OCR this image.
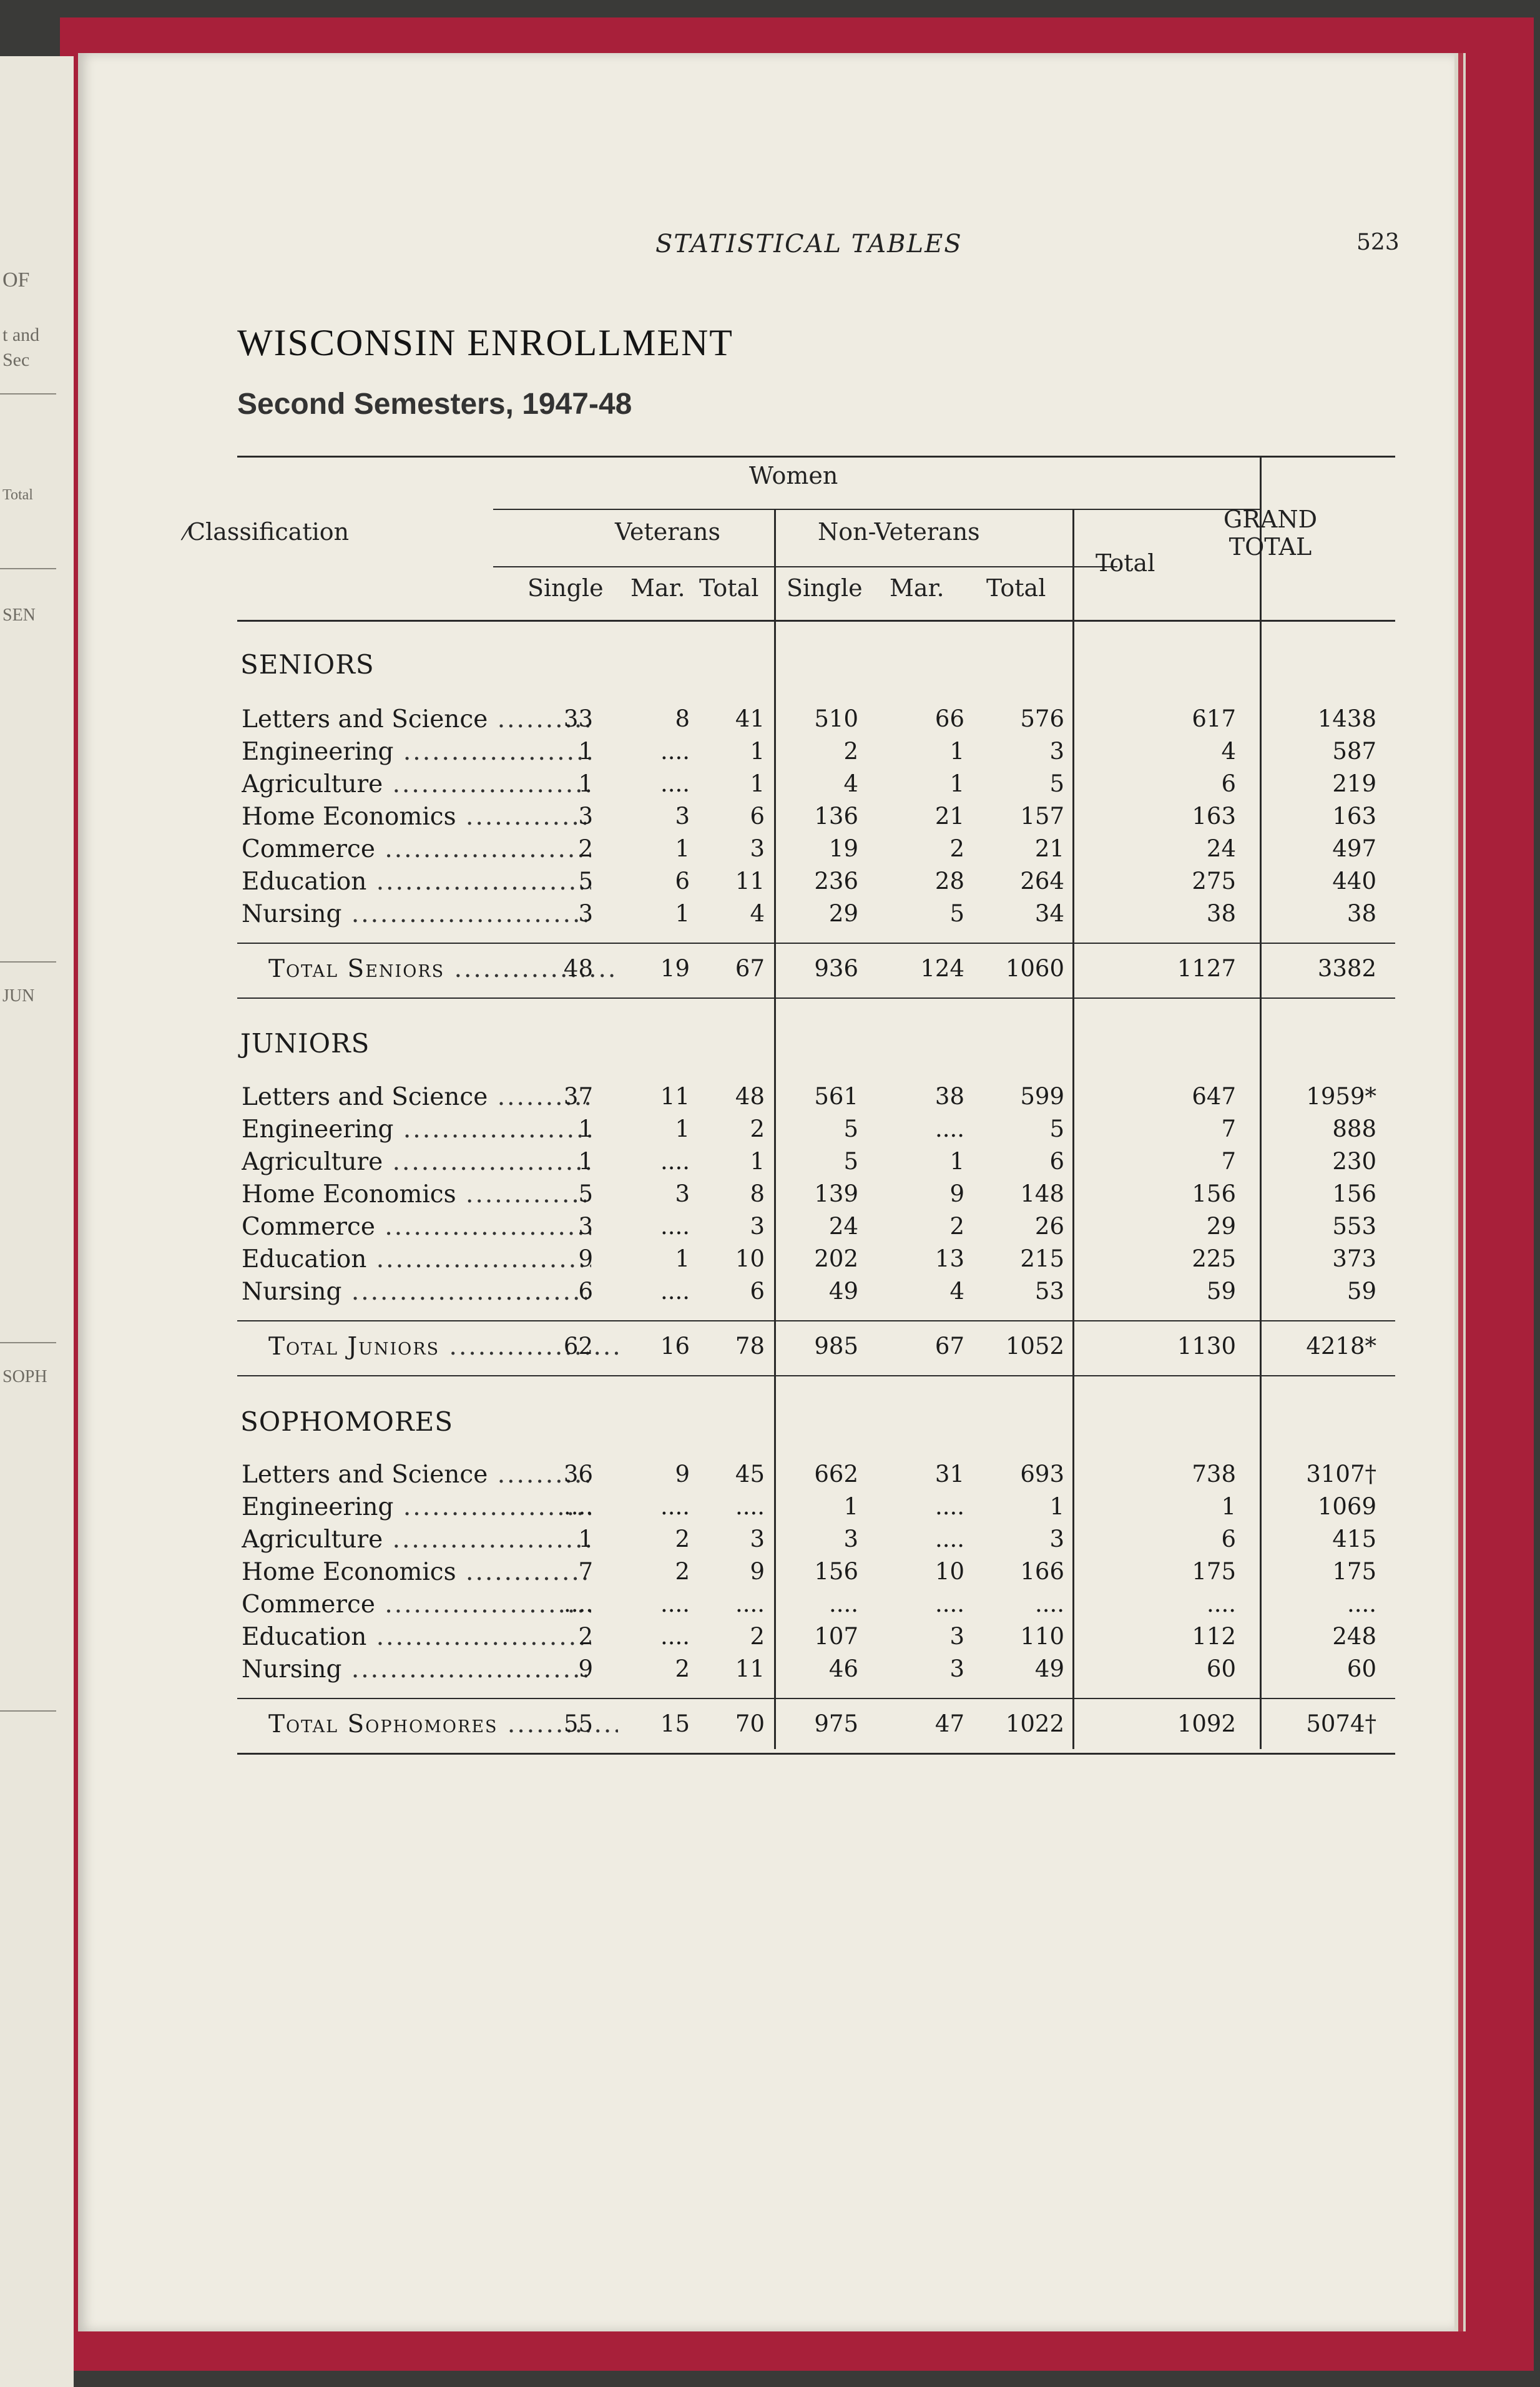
OF
t and
Sec
Total
SEN
JUN
SOPH
STATISTICAL TABLES	523
WISCONSIN ENROLLMENT
Second Semesters, 1947-48
Women
Veterans	Non-Veterans
Total
GRAND
TOTAL
⁄Classification
Single Mar. Total Single Mar. Total
SENIORS
Letters and Science .....	33	8	41	510	66	576	617	1438
Engineering .....	1	....	1	2	1	3	4	587
Agriculture .....	1	....	1	4	1	5	6	219
Home Economics .....	3	3	6	136	21	157	163	163
Commerce .....	2	1	3	19	2	21	24	497
Education .....	5	6	11	236	28	264	275	440
Nursing .....	3	1	4	29	5	34	38	38
Total Seniors .....	48	19	67	936	124	1060	1127	3382
JUNIORS
Letters and Science .....	37	11	48	561	38	599	647	1959*
Engineering .....	1	1	2	5	....	5	7	888
Agriculture .....	1	....	1	5	1	6	7	230
Home Economics .....	5	3	8	139	9	148	156	156
Commerce .....	3	....	3	24	2	26	29	553
Education .....	9	1	10	202	13	215	225	373
Nursing .....	6	....	6	49	4	53	59	59
Total Juniors .....	62	16	78	985	67	1052	1130	4218*
SOPHOMORES
Letters and Science .....	36	9	45	662	31	693	738	3107†
Engineering .....	....	....	....	1	....	1	1	1069
Agriculture .....	1	2	3	3	....	3	6	415
Home Economics .....	7	2	9	156	10	166	175	175
Commerce .....	....	....	....	....	....	....	....	....
Education .....	2	....	2	107	3	110	112	248
Nursing .....	9	2	11	46	3	49	60	60
Total Sophomores .....	55	15	70	975	47	1022	1092	5074†
